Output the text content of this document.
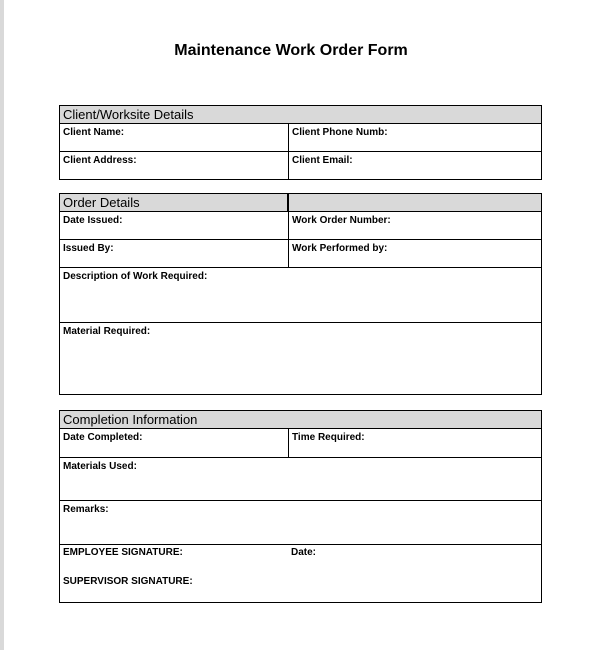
Maintenance Work Order Form
Client/Worksite Details
Client Name:	Client Phone Numb:
Client Address:	Client Email:
Order Details
Date Issued:	Work Order Number:
Issued By:	Work Performed by:
Description of Work Required:
Material Required:
Completion Information
Date Completed:	Time Required:
Materials Used:
Remarks:
EMPLOYEE SIGNATURE:	Date:
SUPERVISOR SIGNATURE:
